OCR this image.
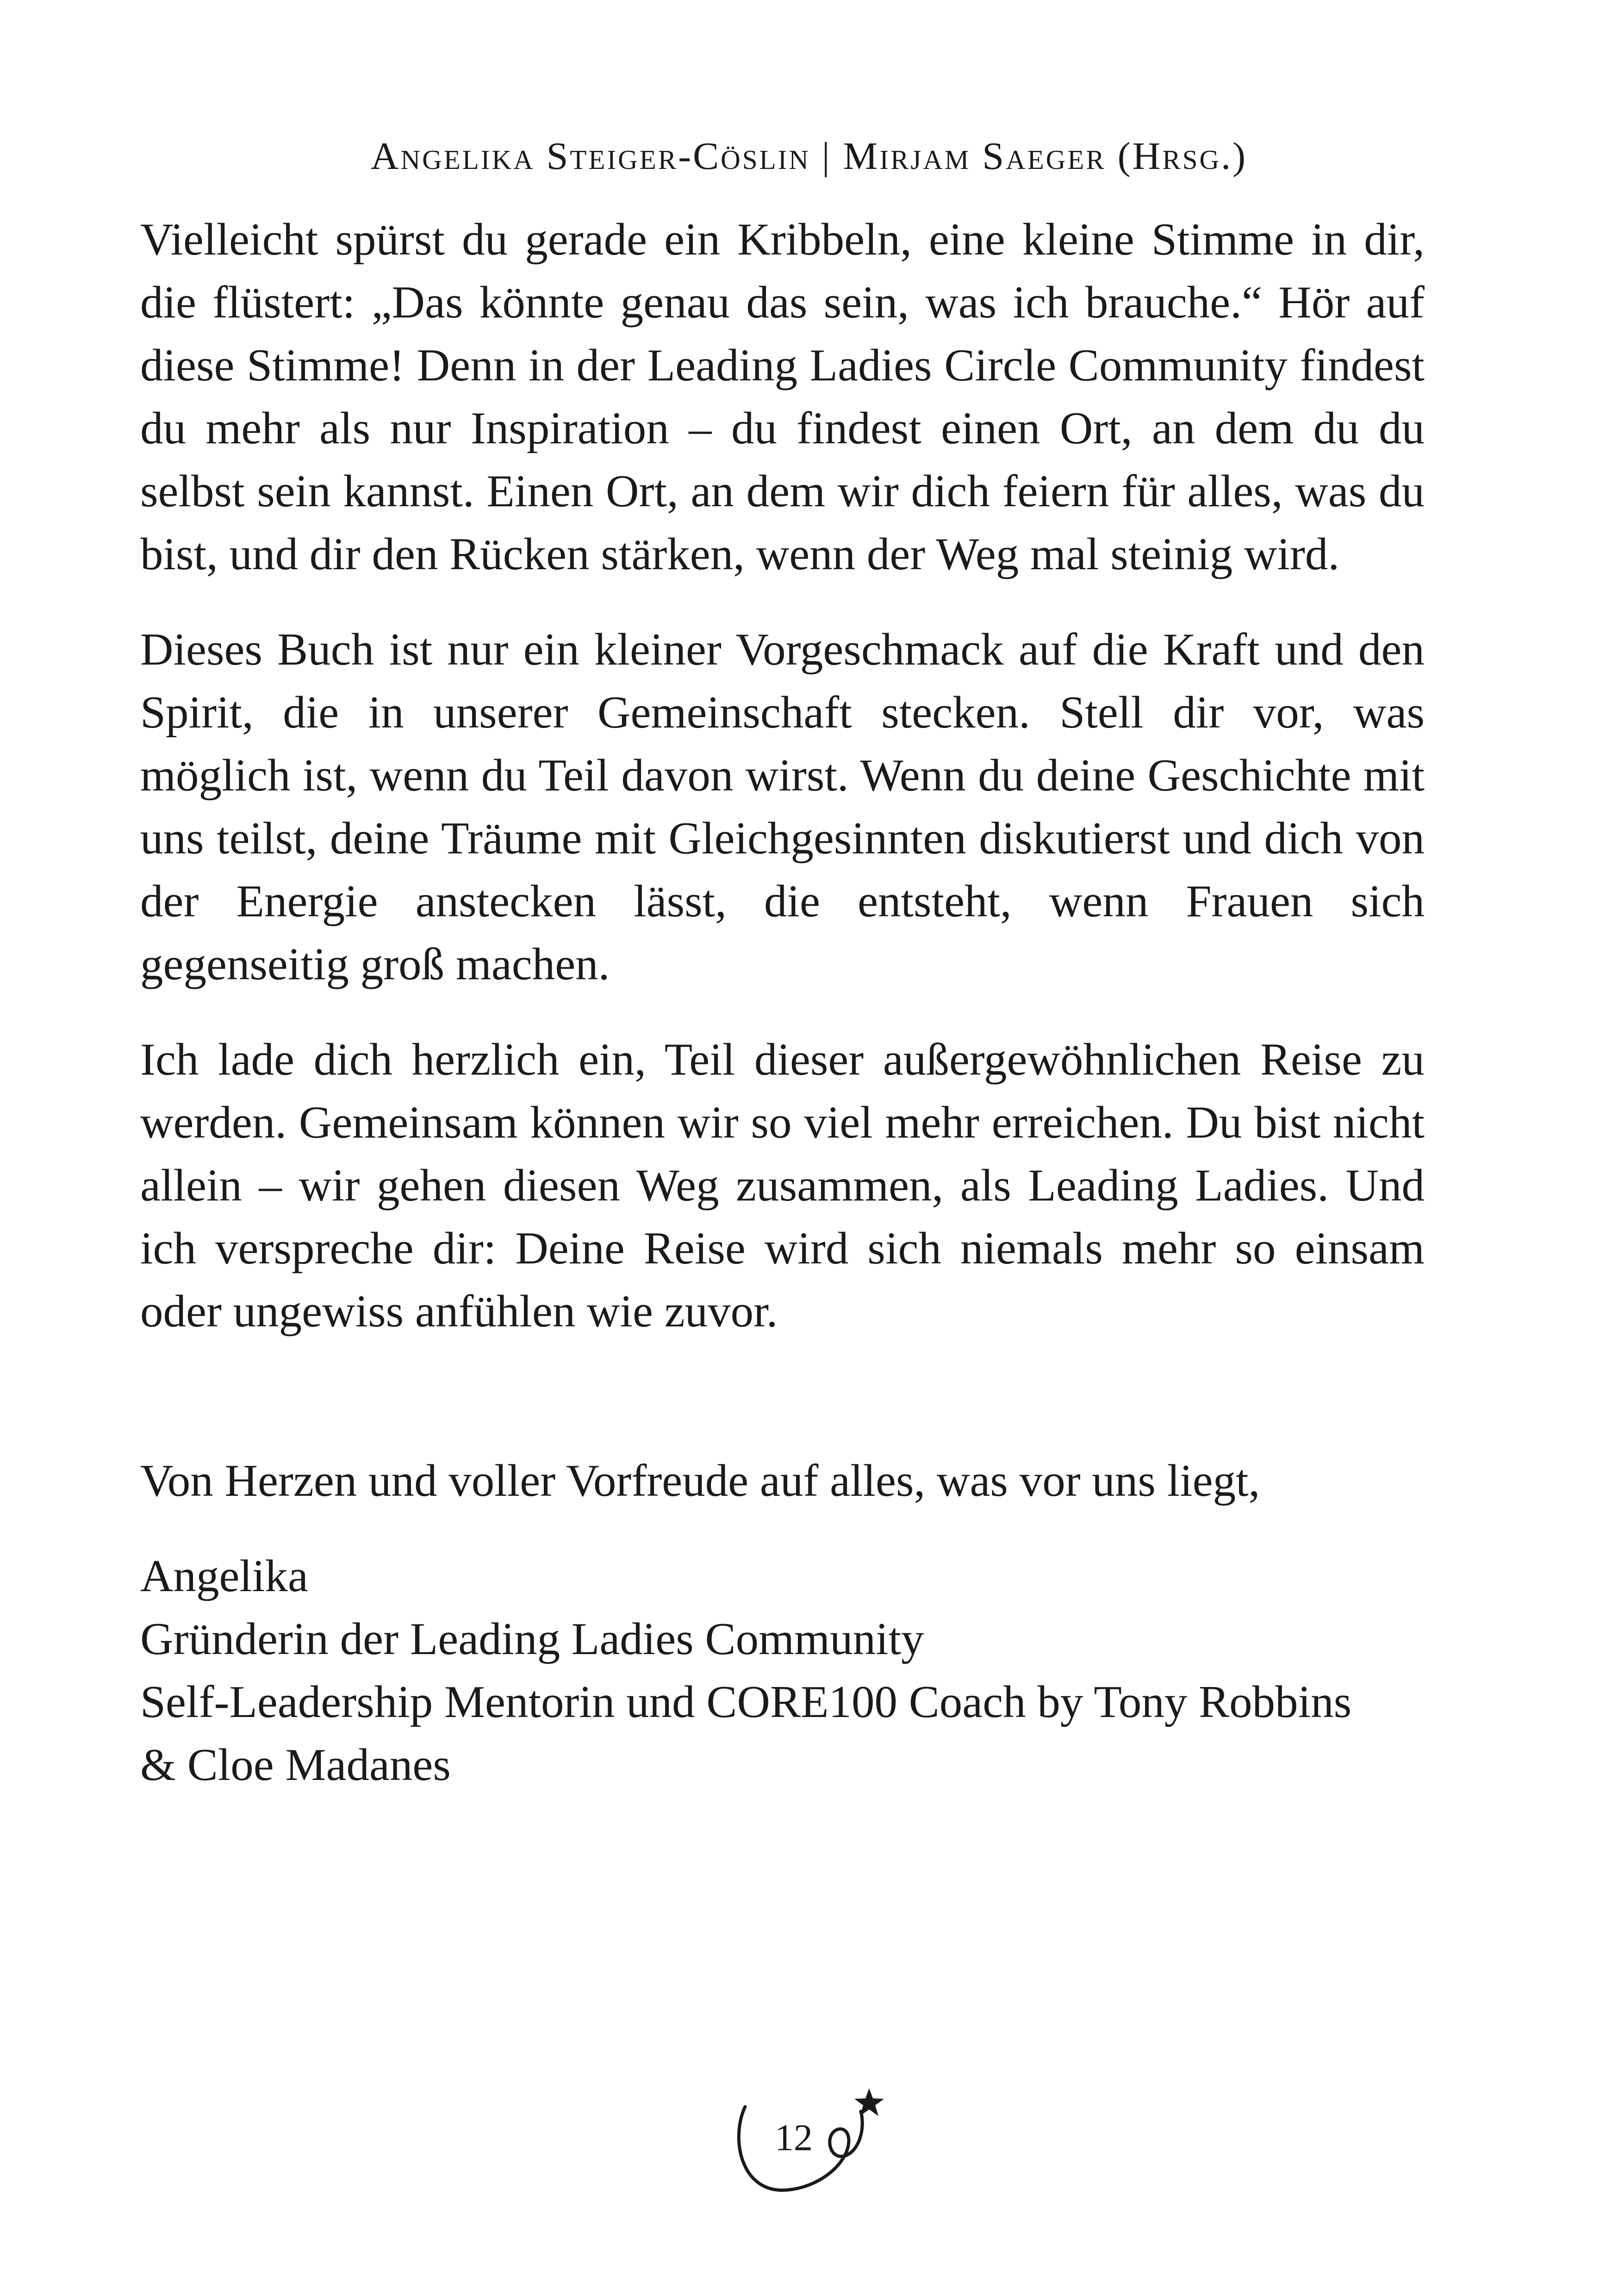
Angelika Steiger-Cöslin | Mirjam Saeger (Hrsg.)

Vielleicht spürst du gerade ein Kribbeln, eine kleine Stimme in dir, die flüstert: „Das könnte genau das sein, was ich brauche.“ Hör auf diese Stimme! Denn in der Leading Ladies Circle Community findest du mehr als nur Inspiration – du findest einen Ort, an dem du du selbst sein kannst. Einen Ort, an dem wir dich feiern für alles, was du bist, und dir den Rücken stärken, wenn der Weg mal steinig wird.

Dieses Buch ist nur ein kleiner Vorgeschmack auf die Kraft und den Spirit, die in unserer Gemeinschaft stecken. Stell dir vor, was möglich ist, wenn du Teil davon wirst. Wenn du deine Geschichte mit uns teilst, deine Träume mit Gleichgesinnten diskutierst und dich von der Energie anstecken lässt, die entsteht, wenn Frauen sich gegenseitig groß machen.

Ich lade dich herzlich ein, Teil dieser außergewöhnlichen Reise zu werden. Gemeinsam können wir so viel mehr erreichen. Du bist nicht allein – wir gehen diesen Weg zusammen, als Leading Ladies. Und ich verspreche dir: Deine Reise wird sich niemals mehr so einsam oder ungewiss anfühlen wie zuvor.

Von Herzen und voller Vorfreude auf alles, was vor uns liegt,

Angelika
Gründerin der Leading Ladies Community
Self-Leadership Mentorin und CORE100 Coach by Tony Robbins
& Cloe Madanes
12
